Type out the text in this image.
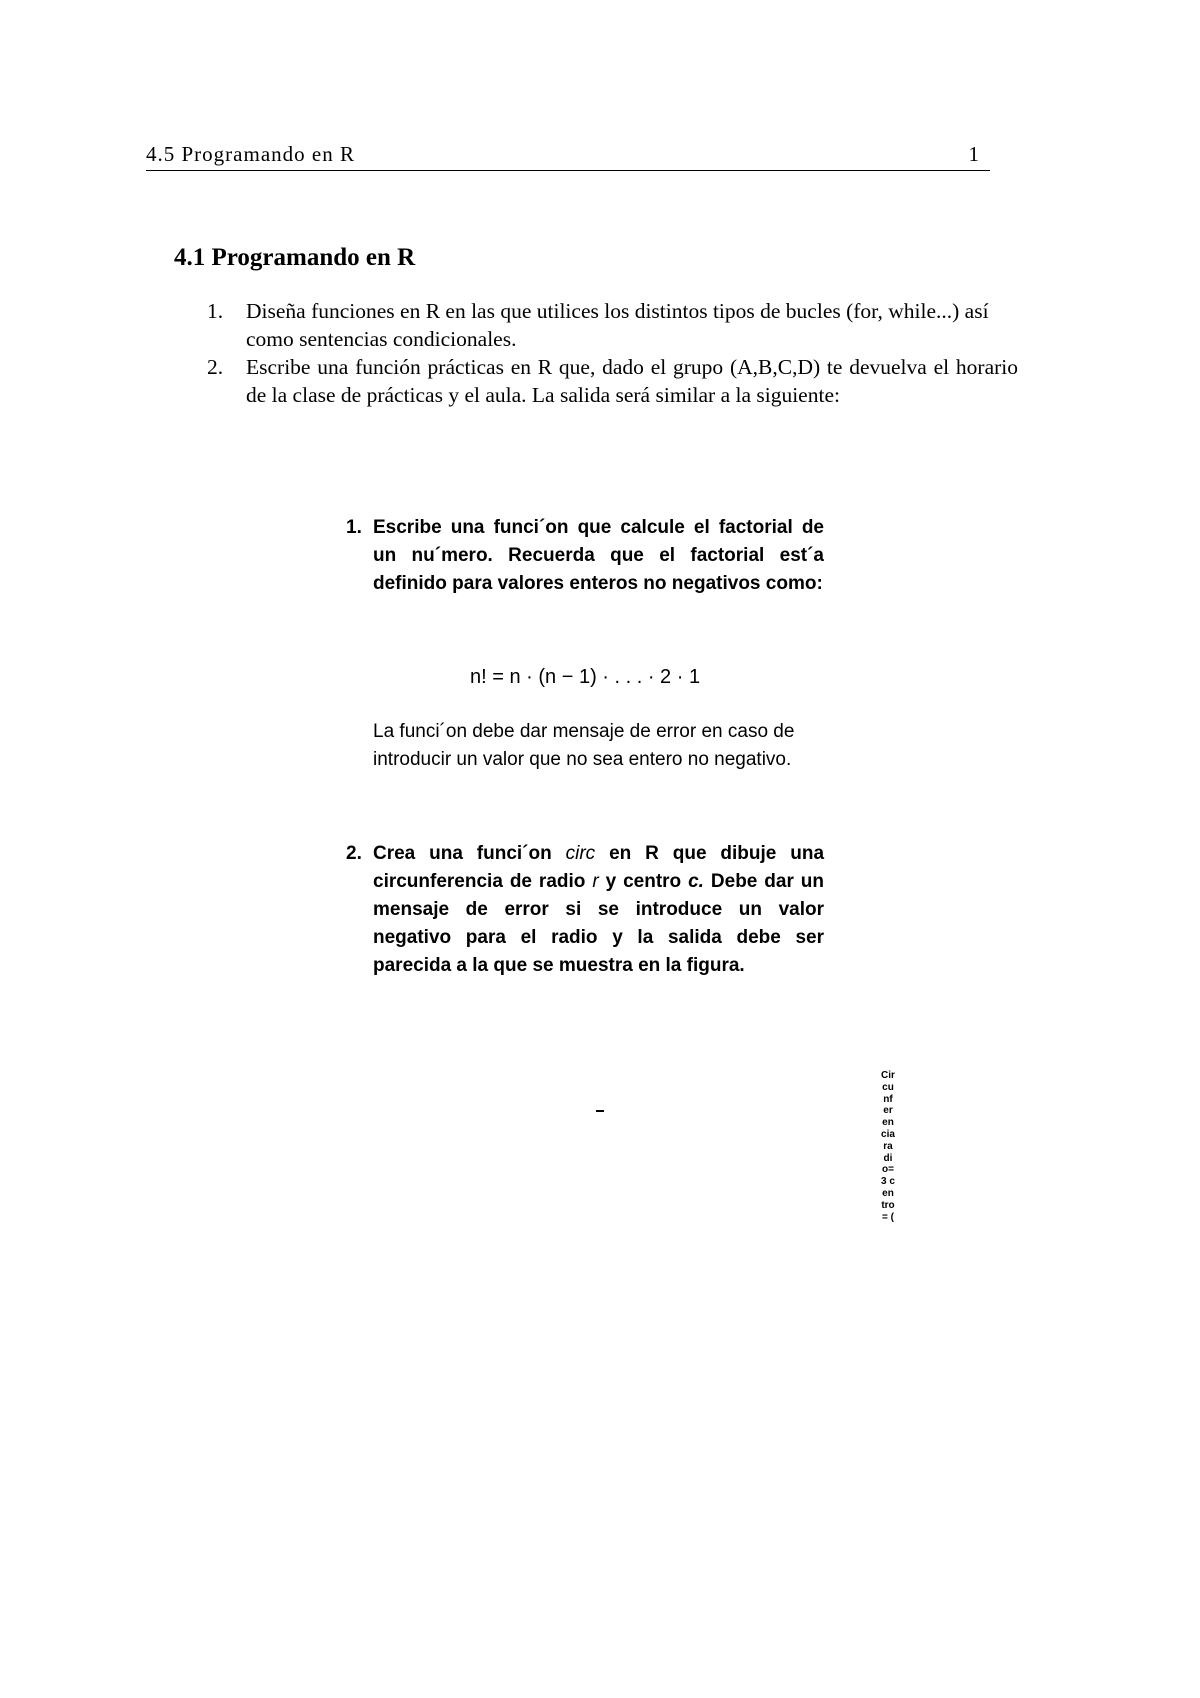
4.5 Programando en R	1
4.1 Programando en R
1.	Diseña funciones en R en las que utilices los distintos tipos de bucles (for, while...) así como sentencias condicionales.
2.	Escribe una función prácticas en R que, dado el grupo (A,B,C,D) te devuelva el horario de la clase de prácticas y el aula. La salida será similar a la siguiente:
1. Escribe una funci´on que calcule el factorial de un nu´mero. Recuerda que el factorial est´a definido para valores enteros no negativos como:
n! = n · (n − 1) · . . . · 2 · 1
La funci´on debe dar mensaje de error en caso de introducir un valor que no sea entero no negativo.
2. Crea una funci´on circ en R que dibuje una circunferencia de radio r y centro c. Debe dar un mensaje de error si se introduce un valor negativo para el radio y la salida debe ser parecida a la que se muestra en la figura.
Circunferencia radio= 3 centro= (
